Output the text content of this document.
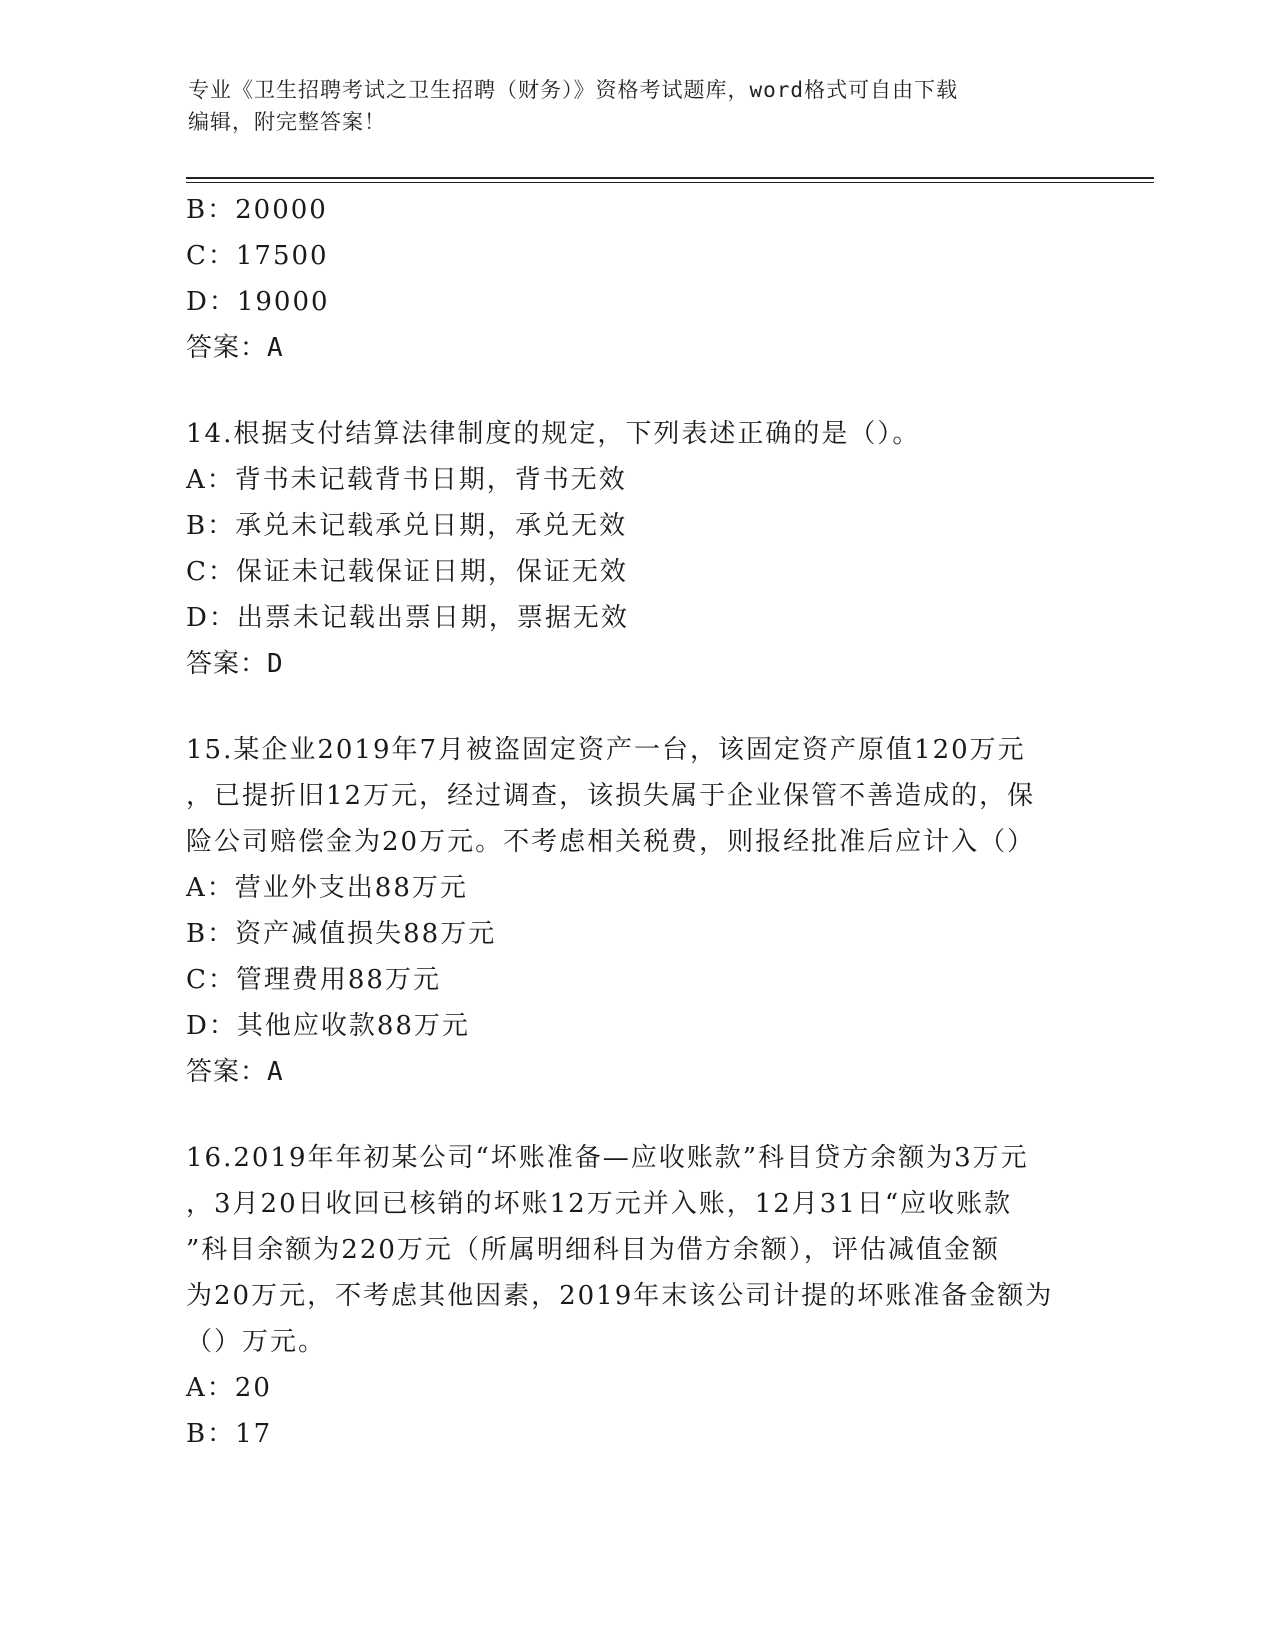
专业《卫生招聘考试之卫生招聘（财务）》资格考试题库，word格式可自由下载
编辑，附完整答案！
B：20000
C：17500
D：19000
答案：A
14.根据支付结算法律制度的规定，下列表述正确的是（）。
A：背书未记载背书日期，背书无效
B：承兑未记载承兑日期，承兑无效
C：保证未记载保证日期，保证无效
D：出票未记载出票日期，票据无效
答案：D
15.某企业2019年7月被盗固定资产一台，该固定资产原值120万元
，已提折旧12万元，经过调查，该损失属于企业保管不善造成的，保
险公司赔偿金为20万元。不考虑相关税费，则报经批准后应计入（）
A：营业外支出88万元
B：资产减值损失88万元
C：管理费用88万元
D：其他应收款88万元
答案：A
16.2019年年初某公司“坏账准备—应收账款”科目贷方余额为3万元
，3月20日收回已核销的坏账12万元并入账，12月31日“应收账款
”科目余额为220万元（所属明细科目为借方余额），评估减值金额
为20万元，不考虑其他因素，2019年末该公司计提的坏账准备金额为
（）万元。
A：20
B：17
